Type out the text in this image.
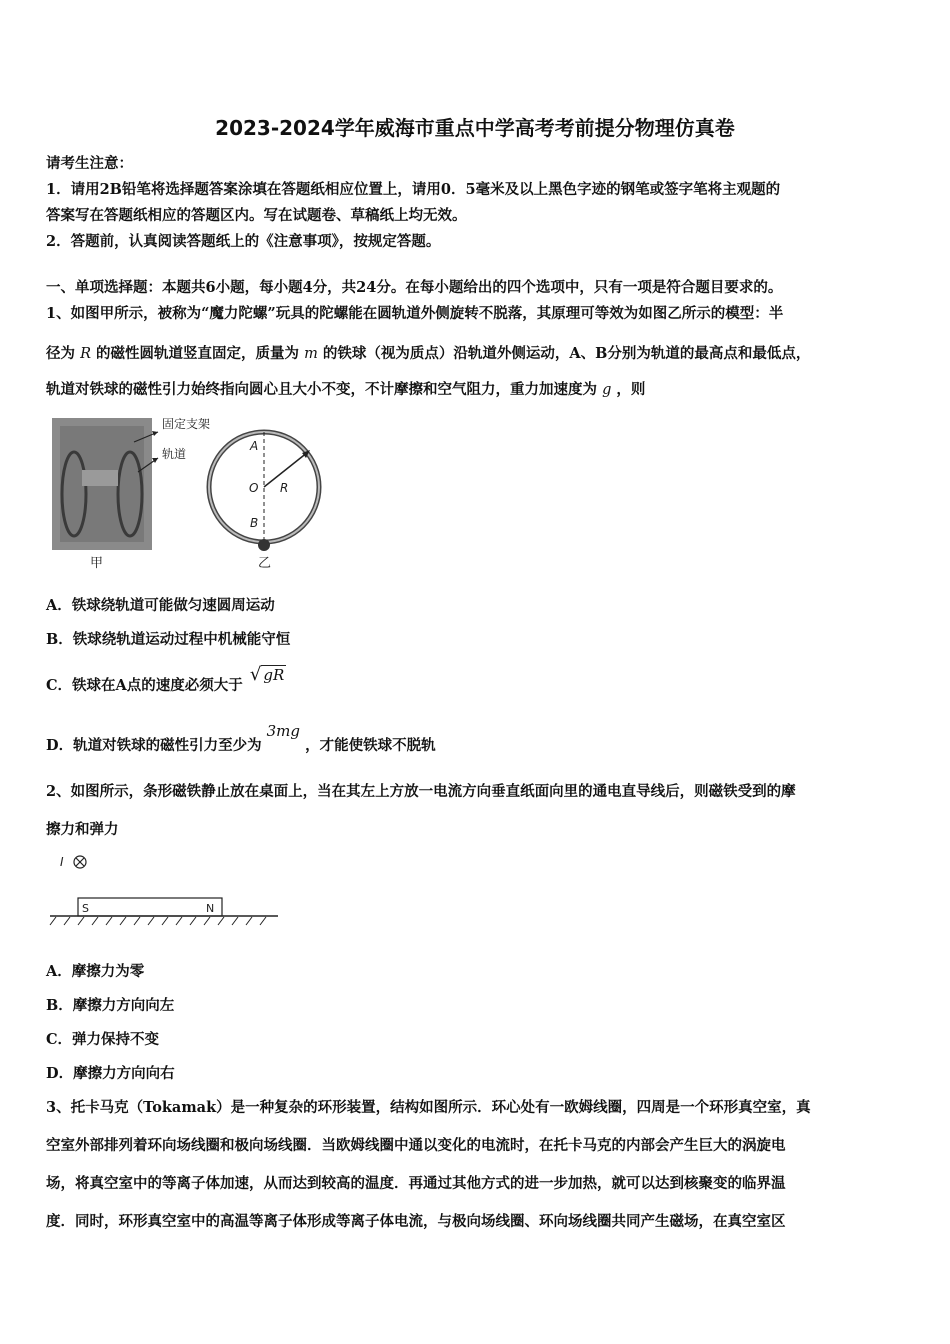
2023-2024学年威海市重点中学高考考前提分物理仿真卷
请考生注意：
1．请用2B铅笔将选择题答案涂填在答题纸相应位置上，请用0．5毫米及以上黑色字迹的钢笔或签字笔将主观题的
答案写在答题纸相应的答题区内。写在试题卷、草稿纸上均无效。
2．答题前，认真阅读答题纸上的《注意事项》，按规定答题。
一、单项选择题：本题共6小题，每小题4分，共24分。在每小题给出的四个选项中，只有一项是符合题目要求的。
1、如图甲所示，被称为“魔力陀螺”玩具的陀螺能在圆轨道外侧旋转不脱落，其原理可等效为如图乙所示的模型：半
径为 R 的磁性圆轨道竖直固定，质量为 m 的铁球（视为质点）沿轨道外侧运动，A、B分别为轨道的最高点和最低点，
轨道对铁球的磁性引力始终指向圆心且大小不变，不计摩擦和空气阻力，重力加速度为 g ，则
固定支架
轨道
甲
A
O R
B
乙
A．铁球绕轨道可能做匀速圆周运动
B．铁球绕轨道运动过程中机械能守恒
C．铁球在A点的速度必须大于 √ gR
D．轨道对铁球的磁性引力至少为 3mg ，才能使铁球不脱轨
2、如图所示，条形磁铁静止放在桌面上，当在其左上方放一电流方向垂直纸面向里的通电直导线后，则磁铁受到的摩
擦力和弹力
I
S	N
A．摩擦力为零
B．摩擦力方向向左
C．弹力保持不变
D．摩擦力方向向右
3、托卡马克（Tokamak）是一种复杂的环形装置，结构如图所示．环心处有一欧姆线圈，四周是一个环形真空室，真
空室外部排列着环向场线圈和极向场线圈．当欧姆线圈中通以变化的电流时，在托卡马克的内部会产生巨大的涡旋电
场，将真空室中的等离子体加速，从而达到较高的温度．再通过其他方式的进一步加热，就可以达到核聚变的临界温
度．同时，环形真空室中的高温等离子体形成等离子体电流，与极向场线圈、环向场线圈共同产生磁场，在真空室区
